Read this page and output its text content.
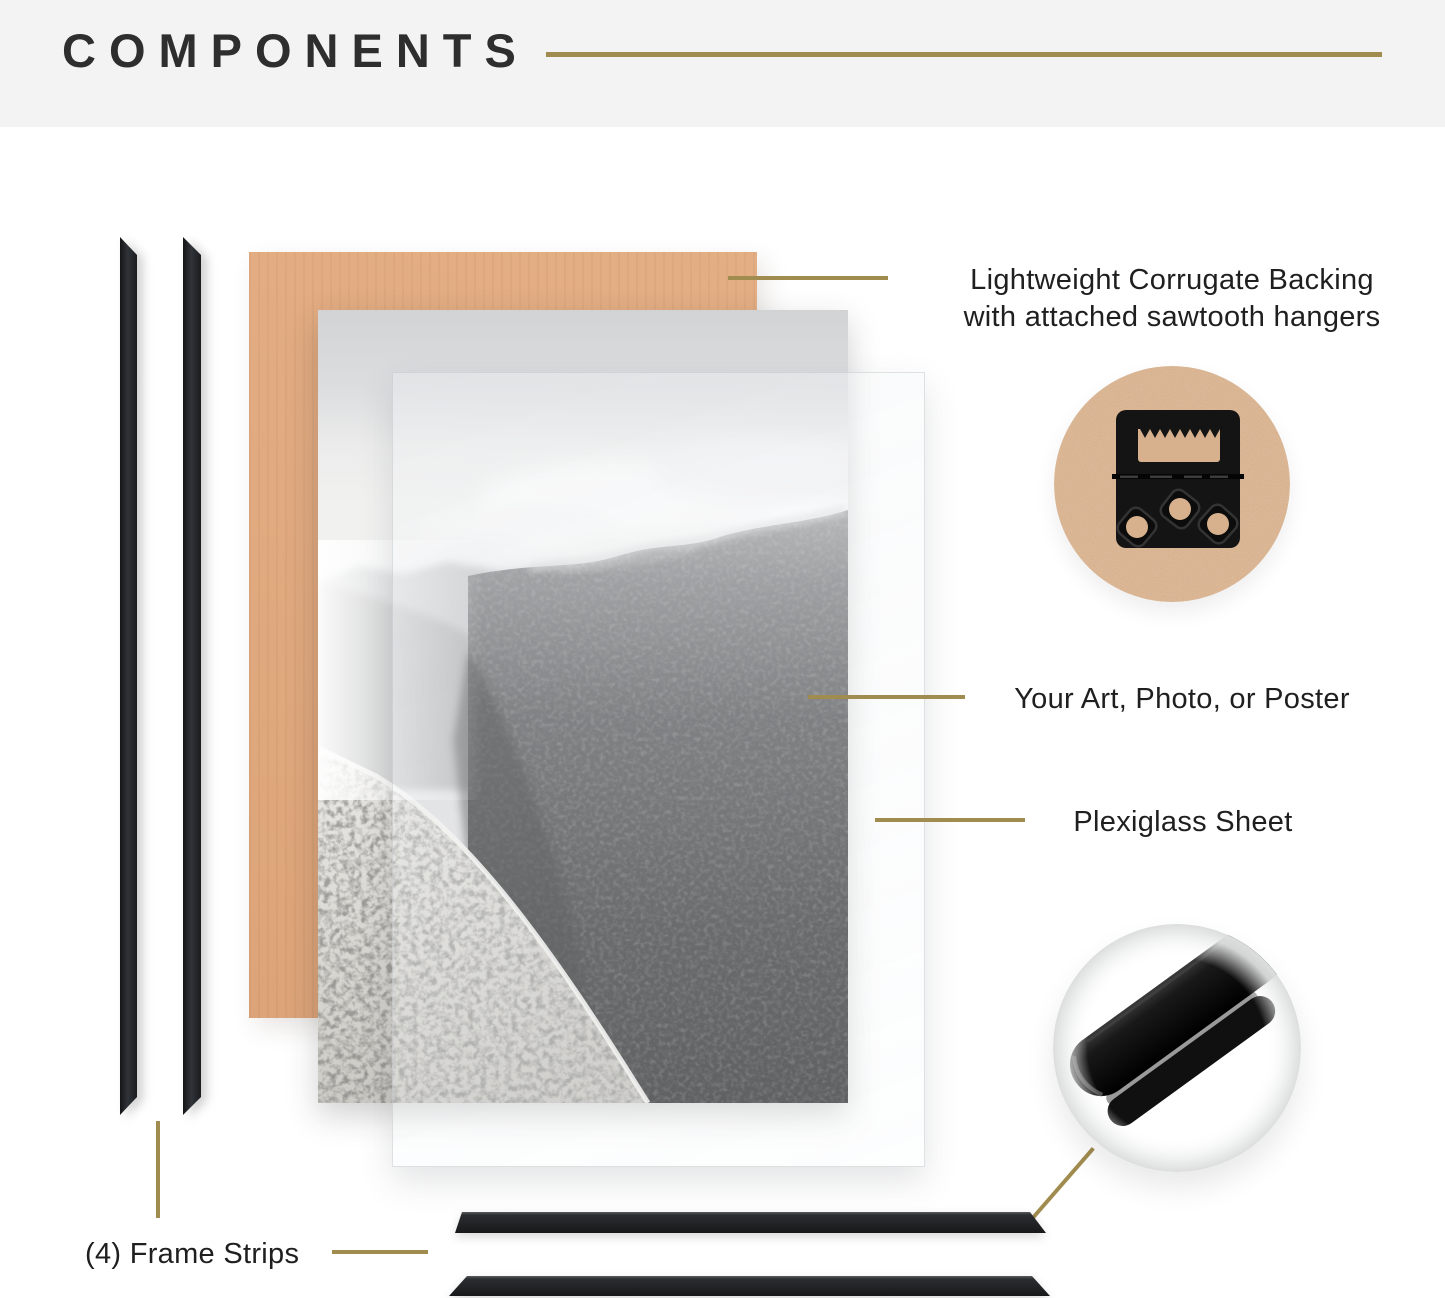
COMPONENTS
Lightweight Corrugate Backing
with attached sawtooth hangers
Your Art, Photo, or Poster
Plexiglass Sheet
(4) Frame Strips
